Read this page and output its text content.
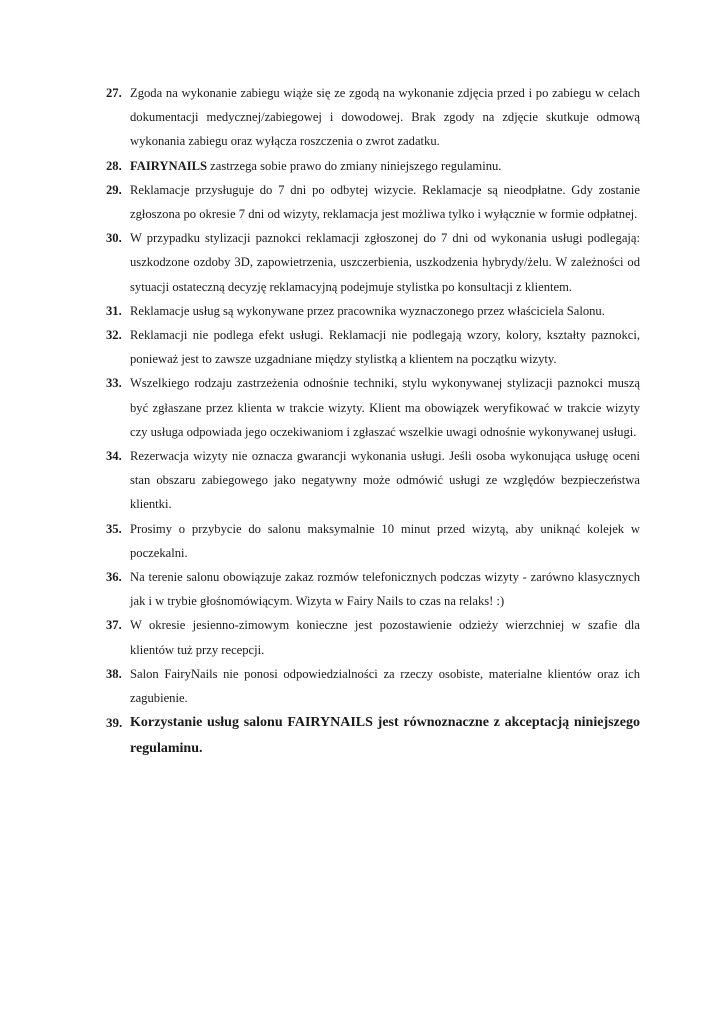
27. Zgoda na wykonanie zabiegu wiąże się ze zgodą na wykonanie zdjęcia przed i po zabiegu w celach dokumentacji medycznej/zabiegowej i dowodowej. Brak zgody na zdjęcie skutkuje odmową wykonania zabiegu oraz wyłącza roszczenia o zwrot zadatku.
28. FAIRYNAILS zastrzega sobie prawo do zmiany niniejszego regulaminu.
29. Reklamacje przysługuje do 7 dni po odbytej wizycie. Reklamacje są nieodpłatne. Gdy zostanie zgłoszona po okresie 7 dni od wizyty, reklamacja jest możliwa tylko i wyłącznie w formie odpłatnej.
30. W przypadku stylizacji paznokci reklamacji zgłoszonej do 7 dni od wykonania usługi podlegają: uszkodzone ozdoby 3D, zapowietrzenia, uszczerbienia, uszkodzenia hybrydy/żelu. W zależności od sytuacji ostateczną decyzję reklamacyjną podejmuje stylistka po konsultacji z klientem.
31. Reklamacje usług są wykonywane przez pracownika wyznaczonego przez właściciela Salonu.
32. Reklamacji nie podlega efekt usługi. Reklamacji nie podlegają wzory, kolory, kształty paznokci, ponieważ jest to zawsze uzgadniane między stylistką a klientem na początku wizyty.
33. Wszelkiego rodzaju zastrzeżenia odnośnie techniki, stylu wykonywanej stylizacji paznokci muszą być zgłaszane przez klienta w trakcie wizyty. Klient ma obowiązek weryfikować w trakcie wizyty czy usługa odpowiada jego oczekiwaniom i zgłaszać wszelkie uwagi odnośnie wykonywanej usługi.
34. Rezerwacja wizyty nie oznacza gwarancji wykonania usługi. Jeśli osoba wykonująca usługę oceni stan obszaru zabiegowego jako negatywny może odmówić usługi ze względów bezpieczeństwa klientki.
35. Prosimy o przybycie do salonu maksymalnie 10 minut przed wizytą, aby uniknąć kolejek w poczekalni.
36. Na terenie salonu obowiązuje zakaz rozmów telefonicznych podczas wizyty - zarówno klasycznych jak i w trybie głośnomówiącym. Wizyta w Fairy Nails to czas na relaks! :)
37. W okresie jesienno-zimowym konieczne jest pozostawienie odzieży wierzchniej w szafie dla klientów tuż przy recepcji.
38. Salon FairyNails nie ponosi odpowiedzialności za rzeczy osobiste, materialne klientów oraz ich zagubienie.
39. Korzystanie usług salonu FAIRYNAILS jest równoznaczne z akceptacją niniejszego regulaminu.
